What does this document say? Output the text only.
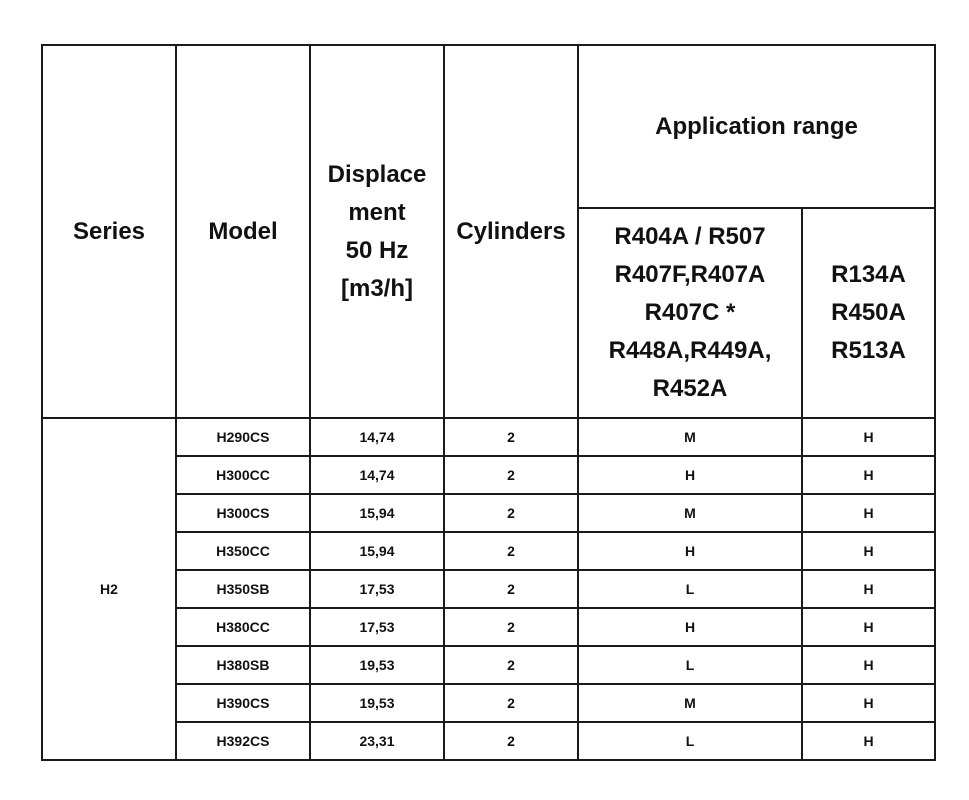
Series	Model	Displace
ment
50 Hz
[m3/h]	Cylinders	Application range	

				R404A / R507
R407F,R407A
R407C *
R448A,R449A,
R452A	R134A
R450A
R513A

H2	H290CS	14,74	2	M	H
	H300CC	14,74	2	H	H
	H300CS	15,94	2	M	H
	H350CC	15,94	2	H	H
	H350SB	17,53	2	L	H
	H380CC	17,53	2	H	H
	H380SB	19,53	2	L	H
	H390CS	19,53	2	M	H
	H392CS	23,31	2	L	H
